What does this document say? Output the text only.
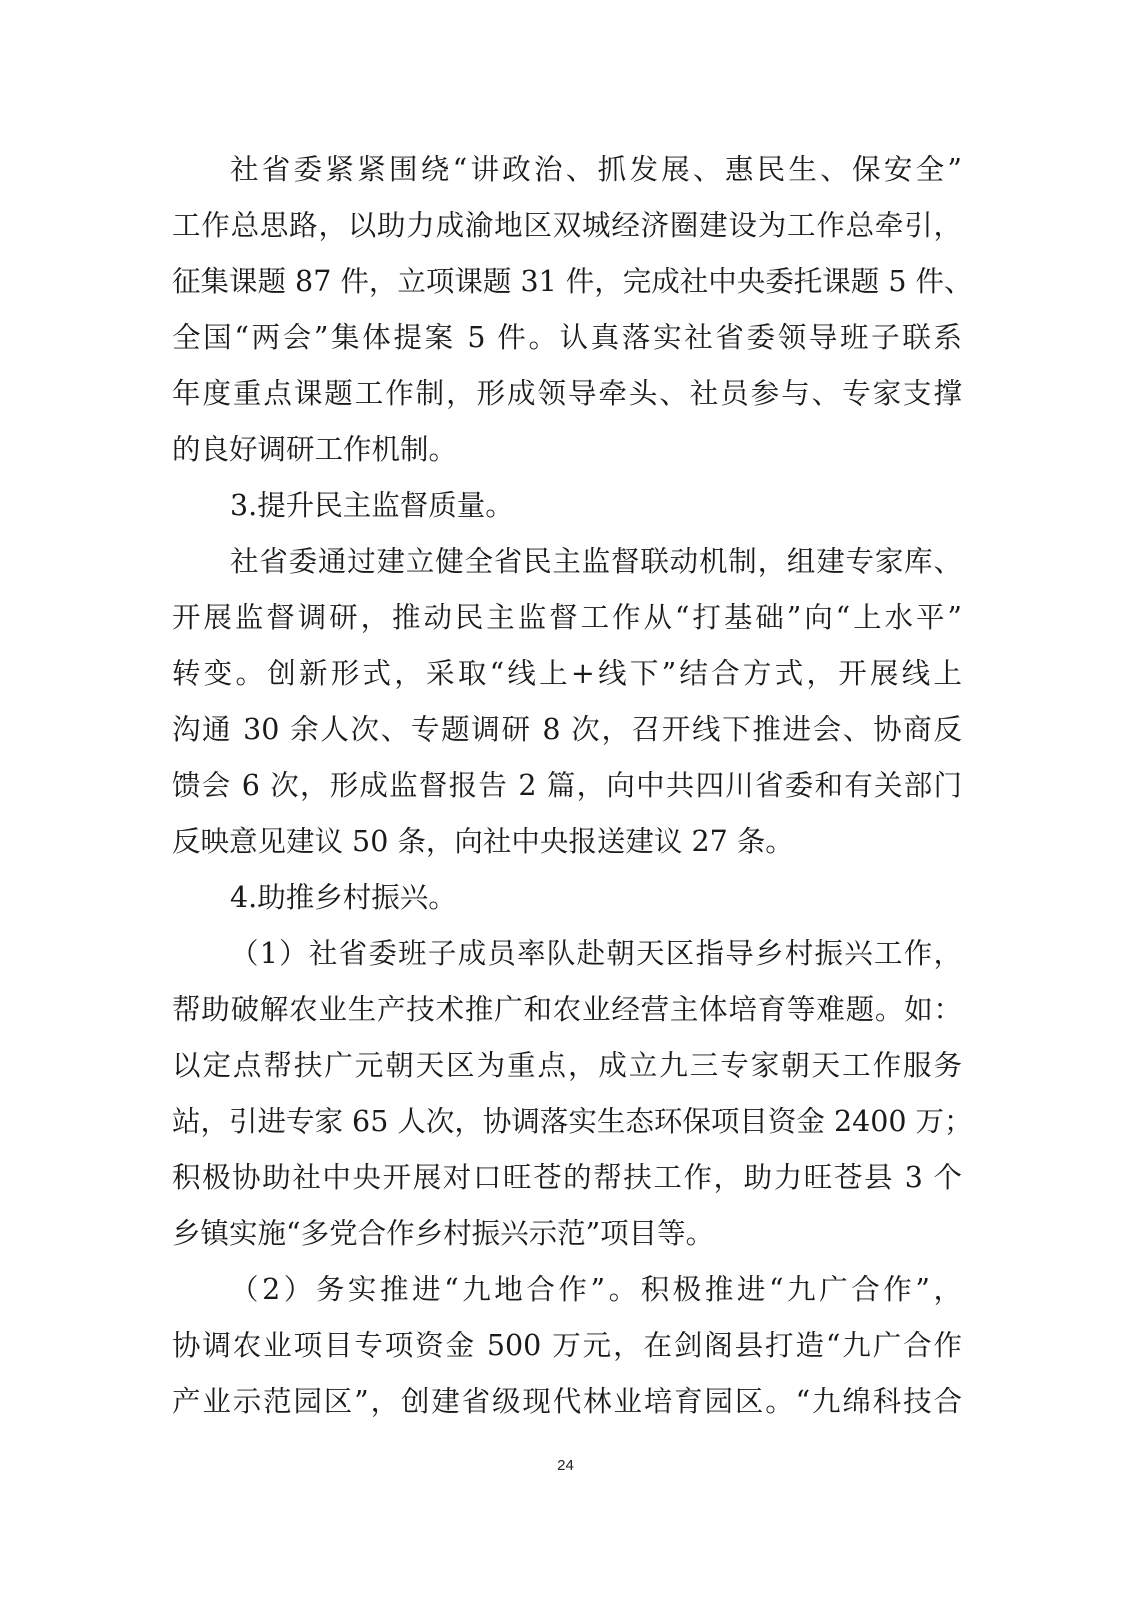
社省委紧紧围绕“讲政治、抓发展、惠民生、保安全”
工作总思路，以助力成渝地区双城经济圈建设为工作总牵引，
征集课题 87 件，立项课题 31 件，完成社中央委托课题 5 件、
全国“两会”集体提案 5 件。认真落实社省委领导班子联系
年度重点课题工作制，形成领导牵头、社员参与、专家支撑
的良好调研工作机制。
3.提升民主监督质量。
社省委通过建立健全省民主监督联动机制，组建专家库、
开展监督调研，推动民主监督工作从“打基础”向“上水平”
转变。创新形式，采取“线上+线下”结合方式，开展线上
沟通 30 余人次、专题调研 8 次，召开线下推进会、协商反
馈会 6 次，形成监督报告 2 篇，向中共四川省委和有关部门
反映意见建议 50 条，向社中央报送建议 27 条。
4.助推乡村振兴。
（1）社省委班子成员率队赴朝天区指导乡村振兴工作，
帮助破解农业生产技术推广和农业经营主体培育等难题。如：
以定点帮扶广元朝天区为重点，成立九三专家朝天工作服务
站，引进专家 65 人次，协调落实生态环保项目资金 2400 万；
积极协助社中央开展对口旺苍的帮扶工作，助力旺苍县 3 个
乡镇实施“多党合作乡村振兴示范”项目等。
（2）务实推进“九地合作”。积极推进“九广合作”，
协调农业项目专项资金 500 万元，在剑阁县打造“九广合作
产业示范园区”，创建省级现代林业培育园区。“九绵科技合
24
